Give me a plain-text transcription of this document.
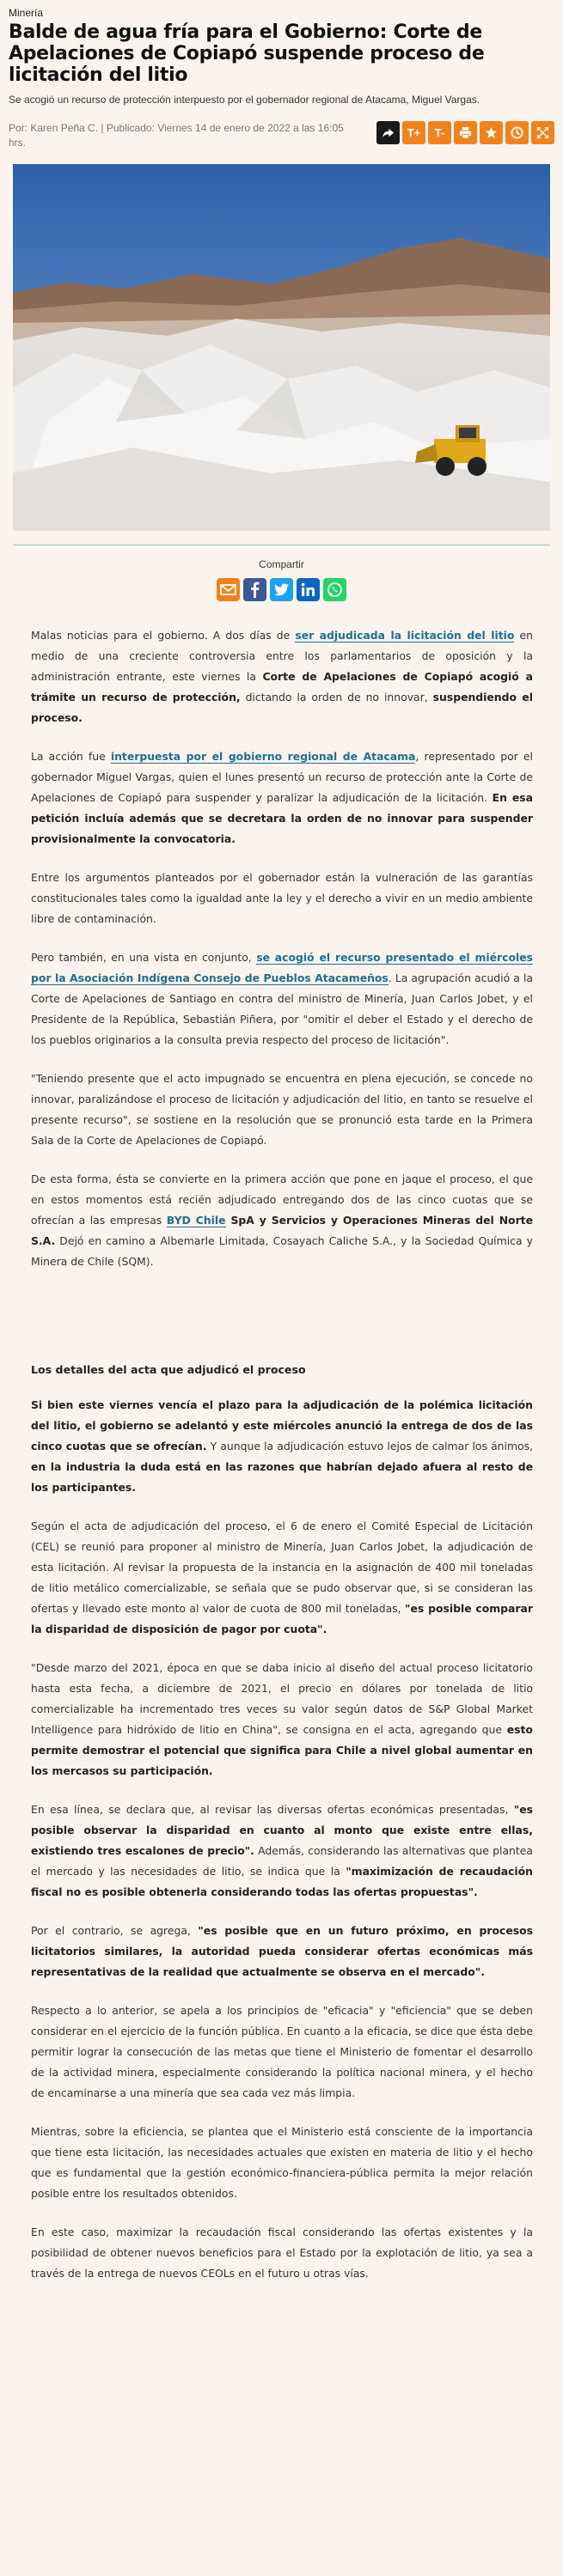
Minería
Balde de agua fría para el Gobierno: Corte de Apelaciones de Copiapó suspende proceso de licitación del litio
Se acogió un recurso de protección interpuesto por el gobernador regional de Atacama, Miguel Vargas.
Por: Karen Peña C. | Publicado: Viernes 14 de enero de 2022 a las 16:05 hrs.
T+	T-
Compartir

Malas noticias para el gobierno. A dos días de ser adjudicada la licitación del litio en medio de una creciente controversia entre los parlamentarios de oposición y la administración entrante, este viernes la Corte de Apelaciones de Copiapó acogió a trámite un recurso de protección, dictando la orden de no innovar, suspendiendo el proceso.

La acción fue interpuesta por el gobierno regional de Atacama, representado por el gobernador Miguel Vargas, quien el lunes presentó un recurso de protección ante la Corte de Apelaciones de Copiapó para suspender y paralizar la adjudicación de la licitación. En esa petición incluía además que se decretara la orden de no innovar para suspender provisionalmente la convocatoria.

Entre los argumentos planteados por el gobernador están la vulneración de las garantías constitucionales tales como la igualdad ante la ley y el derecho a vivir en un medio ambiente libre de contaminación.

Pero también, en una vista en conjunto, se acogió el recurso presentado el miércoles por la Asociación Indígena Consejo de Pueblos Atacameños. La agrupación acudió a la Corte de Apelaciones de Santiago en contra del ministro de Minería, Juan Carlos Jobet, y el Presidente de la República, Sebastián Piñera, por "omitir el deber el Estado y el derecho de los pueblos originarios a la consulta previa respecto del proceso de licitación".

"Teniendo presente que el acto impugnado se encuentra en plena ejecución, se concede no innovar, paralizándose el proceso de licitación y adjudicación del litio, en tanto se resuelve el presente recurso", se sostiene en la resolución que se pronunció esta tarde en la Primera Sala de la Corte de Apelaciones de Copiapó.

De esta forma, ésta se convierte en la primera acción que pone en jaque el proceso, el que en estos momentos está recién adjudicado entregando dos de las cinco cuotas que se ofrecían a las empresas BYD Chile SpA y Servicios y Operaciones Mineras del Norte S.A. Dejó en camino a Albemarle Limitada, Cosayach Caliche S.A., y la Sociedad Química y Minera de Chile (SQM).

Los detalles del acta que adjudicó el proceso

Si bien este viernes vencía el plazo para la adjudicación de la polémica licitación del litio, el gobierno se adelantó y este miércoles anunció la entrega de dos de las cinco cuotas que se ofrecían. Y aunque la adjudicación estuvo lejos de calmar los ánimos, en la industria la duda está en las razones que habrían dejado afuera al resto de los participantes.

Según el acta de adjudicación del proceso, el 6 de enero el Comité Especial de Licitación (CEL) se reunió para proponer al ministro de Minería, Juan Carlos Jobet, la adjudicación de esta licitación. Al revisar la propuesta de la instancia en la asignación de 400 mil toneladas de litio metálico comercializable, se señala que se pudo observar que, si se consideran las ofertas y llevado este monto al valor de cuota de 800 mil toneladas, "es posible comparar la disparidad de disposición de pagor por cuota".

"Desde marzo del 2021, época en que se daba inicio al diseño del actual proceso licitatorio hasta esta fecha, a diciembre de 2021, el precio en dólares por tonelada de litio comercializable ha incrementado tres veces su valor según datos de S&P Global Market Intelligence para hidróxido de litio en China", se consigna en el acta, agregando que esto permite demostrar el potencial que significa para Chile a nivel global aumentar en los mercasos su participación.

En esa línea, se declara que, al revisar las diversas ofertas económicas presentadas, "es posible observar la disparidad en cuanto al monto que existe entre ellas, existiendo tres escalones de precio". Además, considerando las alternativas que plantea el mercado y las necesidades de litio, se indica que la "maximización de recaudación fiscal no es posible obtenerla considerando todas las ofertas propuestas".

Por el contrario, se agrega, "es posible que en un futuro próximo, en procesos licitatorios similares, la autoridad pueda considerar ofertas económicas más representativas de la realidad que actualmente se observa en el mercado".

Respecto a lo anterior, se apela a los principios de "eficacia" y "eficiencia" que se deben considerar en el ejercicio de la función pública. En cuanto a la eficacia, se dice que ésta debe permitir lograr la consecución de las metas que tiene el Ministerio de fomentar el desarrollo de la actividad minera, especialmente considerando la política nacional minera, y el hecho de encaminarse a una minería que sea cada vez más limpia.

Mientras, sobre la eficiencia, se plantea que el Ministerio está consciente de la importancia que tiene esta licitación, las necesidades actuales que existen en materia de litio y el hecho que es fundamental que la gestión económico-financiera-pública permita la mejor relación posible entre los resultados obtenidos.

En este caso, maximizar la recaudación fiscal considerando las ofertas existentes y la posibilidad de obtener nuevos beneficios para el Estado por la explotación de litio, ya sea a través de la entrega de nuevos CEOLs en el futuro u otras vías.
